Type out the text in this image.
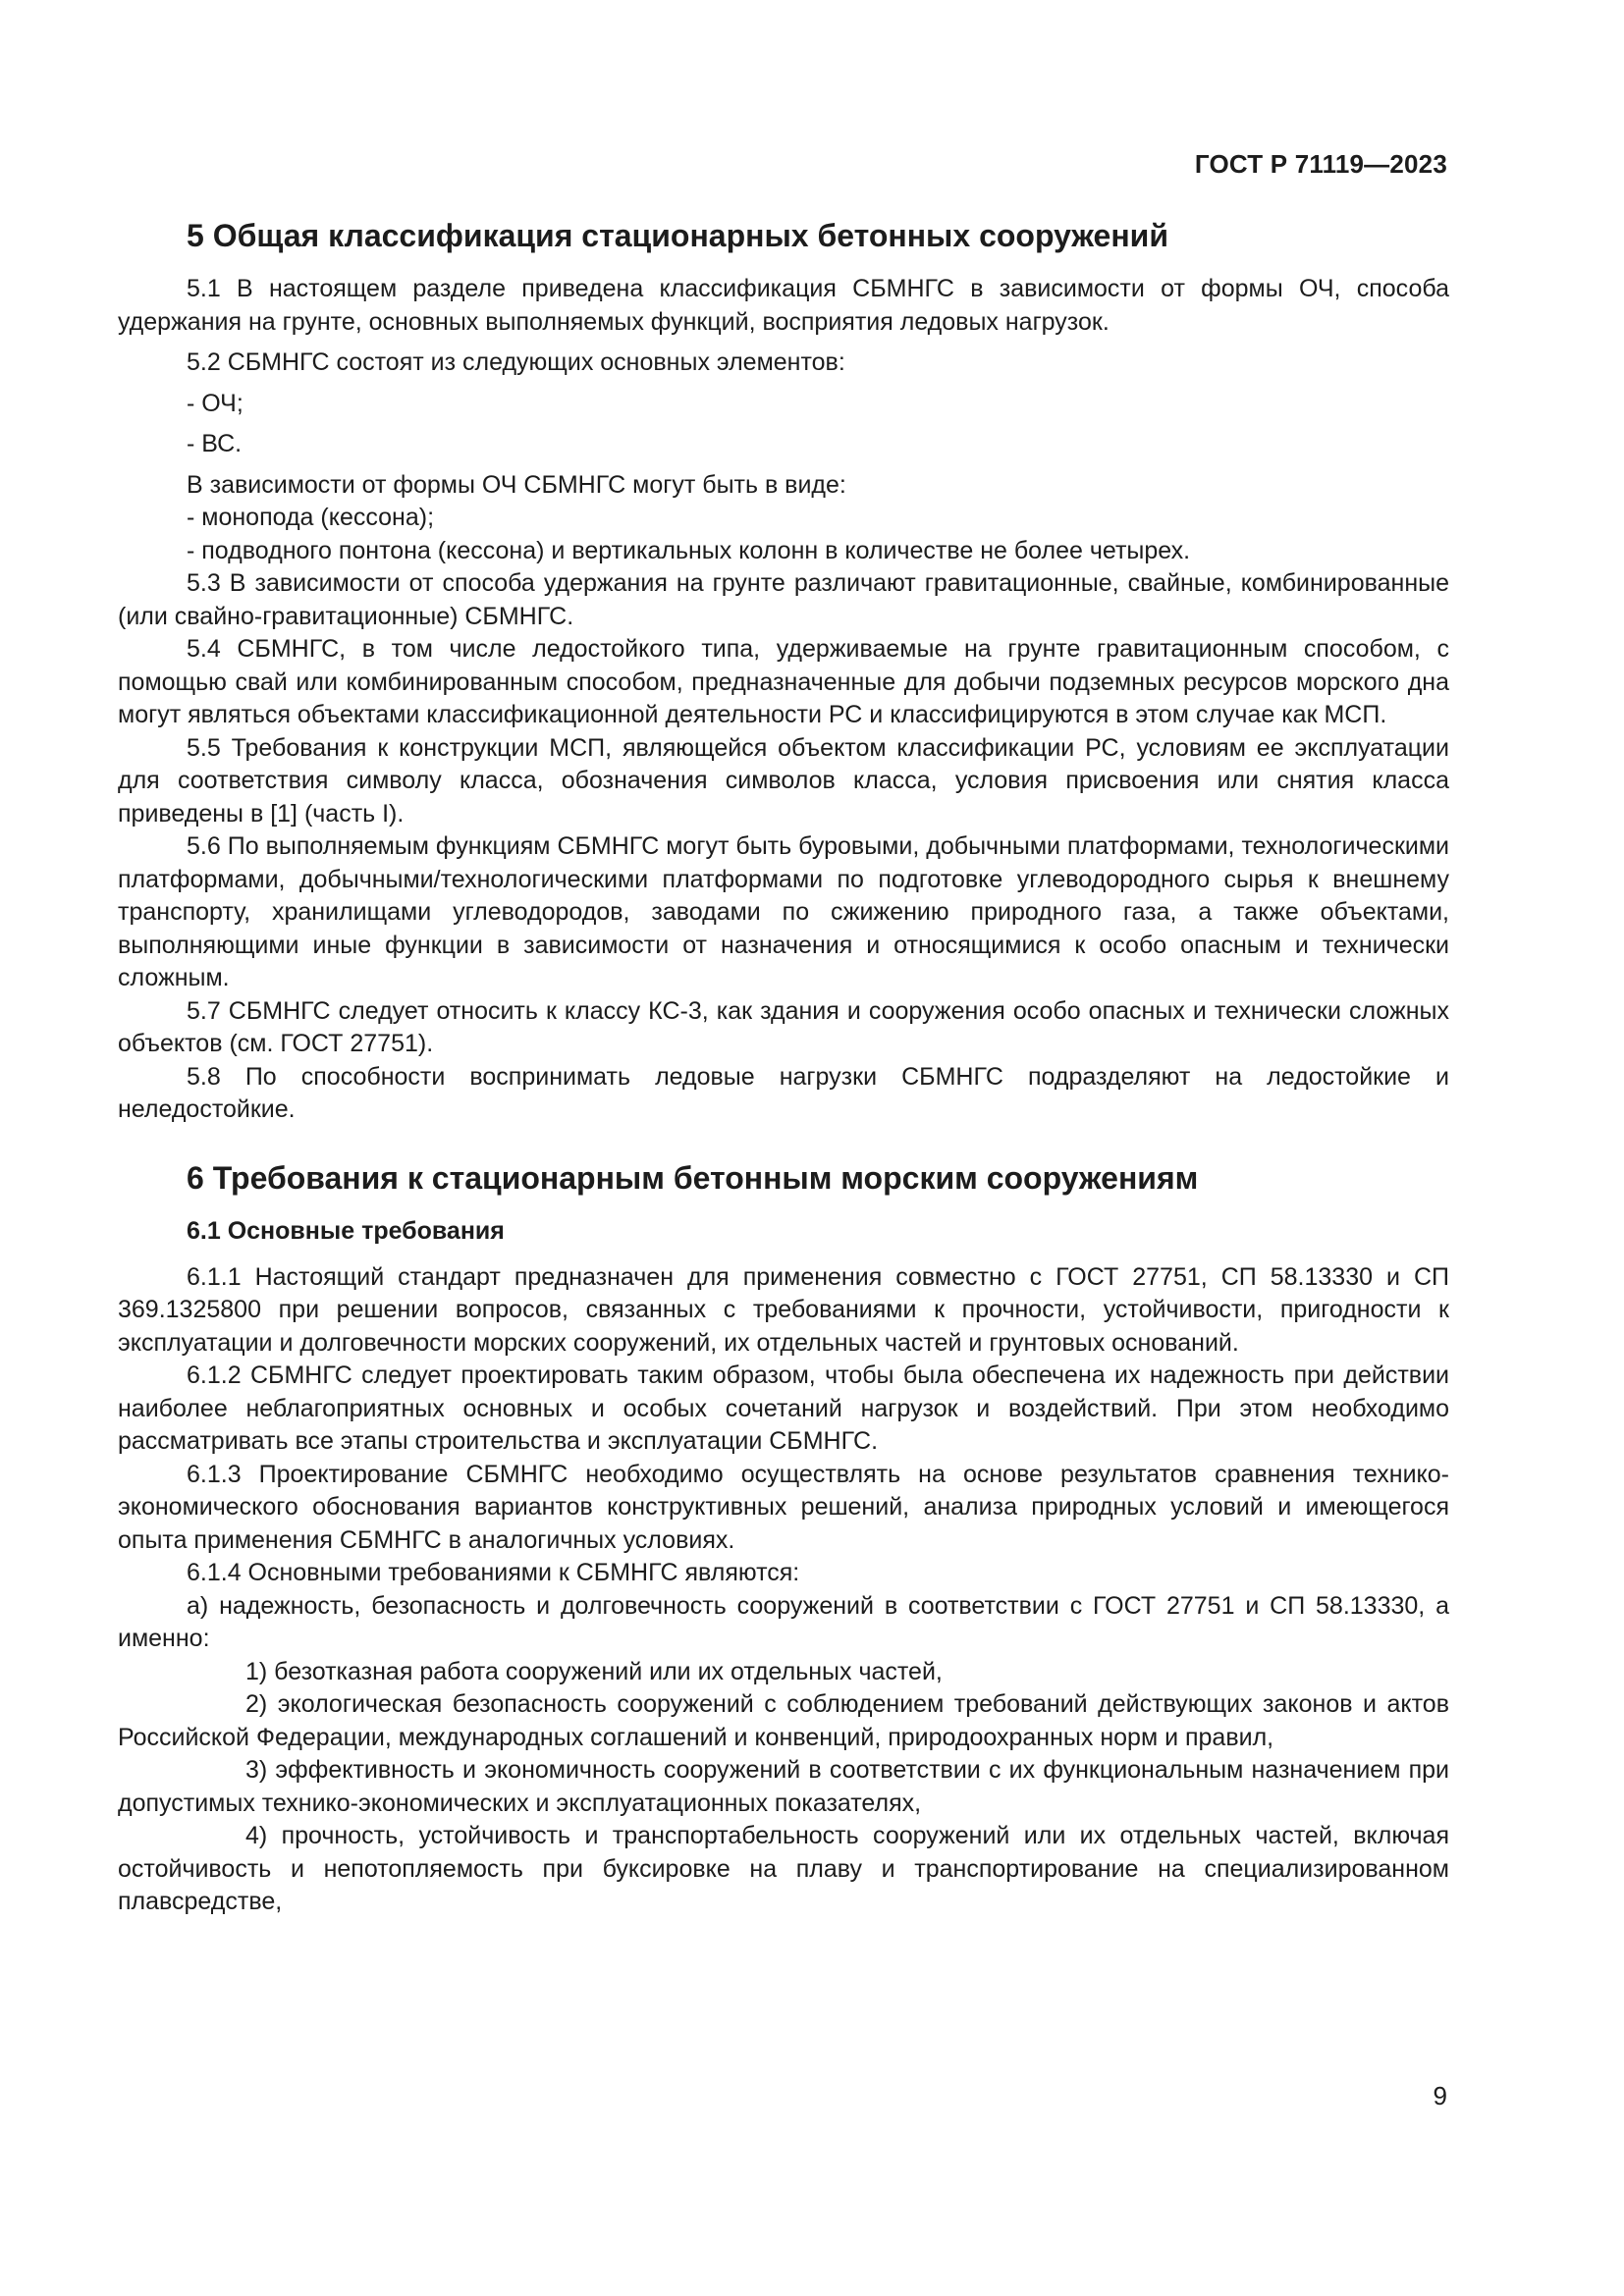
ГОСТ Р 71119—2023
5 Общая классификация стационарных бетонных сооружений

5.1 В настоящем разделе приведена классификация СБМНГС в зависимости от формы ОЧ, способа удержания на грунте, основных выполняемых функций, восприятия ледовых нагрузок.

5.2 СБМНГС состоят из следующих основных элементов:

- ОЧ;
- ВС.

В зависимости от формы ОЧ СБМНГС могут быть в виде:

- монопода (кессона);
- подводного понтона (кессона) и вертикальных колонн в количестве не более четырех.

5.3 В зависимости от способа удержания на грунте различают гравитационные, свайные, комбинированные (или свайно-гравитационные) СБМНГС.

5.4 СБМНГС, в том числе ледостойкого типа, удерживаемые на грунте гравитационным способом, с помощью свай или комбинированным способом, предназначенные для добычи подземных ресурсов морского дна могут являться объектами классификационной деятельности РС и классифицируются в этом случае как МСП.

5.5 Требования к конструкции МСП, являющейся объектом классификации РС, условиям ее эксплуатации для соответствия символу класса, обозначения символов класса, условия присвоения или снятия класса приведены в [1] (часть I).

5.6 По выполняемым функциям СБМНГС могут быть буровыми, добычными платформами, технологическими платформами, добычными/технологическими платформами по подготовке углеводородного сырья к внешнему транспорту, хранилищами углеводородов, заводами по сжижению природного газа, а также объектами, выполняющими иные функции в зависимости от назначения и относящимися к особо опасным и технически сложным.

5.7 СБМНГС следует относить к классу КС-3, как здания и сооружения особо опасных и технически сложных объектов (см. ГОСТ 27751).

5.8 По способности воспринимать ледовые нагрузки СБМНГС подразделяют на ледостойкие и неледостойкие.

6 Требования к стационарным бетонным морским сооружениям
6.1 Основные требования

6.1.1 Настоящий стандарт предназначен для применения совместно с ГОСТ 27751, СП 58.13330 и СП 369.1325800 при решении вопросов, связанных с требованиями к прочности, устойчивости, пригодности к эксплуатации и долговечности морских сооружений, их отдельных частей и грунтовых оснований.

6.1.2 СБМНГС следует проектировать таким образом, чтобы была обеспечена их надежность при действии наиболее неблагоприятных основных и особых сочетаний нагрузок и воздействий. При этом необходимо рассматривать все этапы строительства и эксплуатации СБМНГС.

6.1.3 Проектирование СБМНГС необходимо осуществлять на основе результатов сравнения технико-экономического обоснования вариантов конструктивных решений, анализа природных условий и имеющегося опыта применения СБМНГС в аналогичных условиях.

6.1.4 Основными требованиями к СБМНГС являются:

а) надежность, безопасность и долговечность сооружений в соответствии с ГОСТ 27751 и СП 58.13330, а именно:

1) безотказная работа сооружений или их отдельных частей,

2) экологическая безопасность сооружений с соблюдением требований действующих законов и актов Российской Федерации, международных соглашений и конвенций, природоохранных норм и правил,

3) эффективность и экономичность сооружений в соответствии с их функциональным назначением при допустимых технико-экономических и эксплуатационных показателях,

4) прочность, устойчивость и транспортабельность сооружений или их отдельных частей, включая остойчивость и непотопляемость при буксировке на плаву и транспортирование на специализированном плавсредстве,

9
